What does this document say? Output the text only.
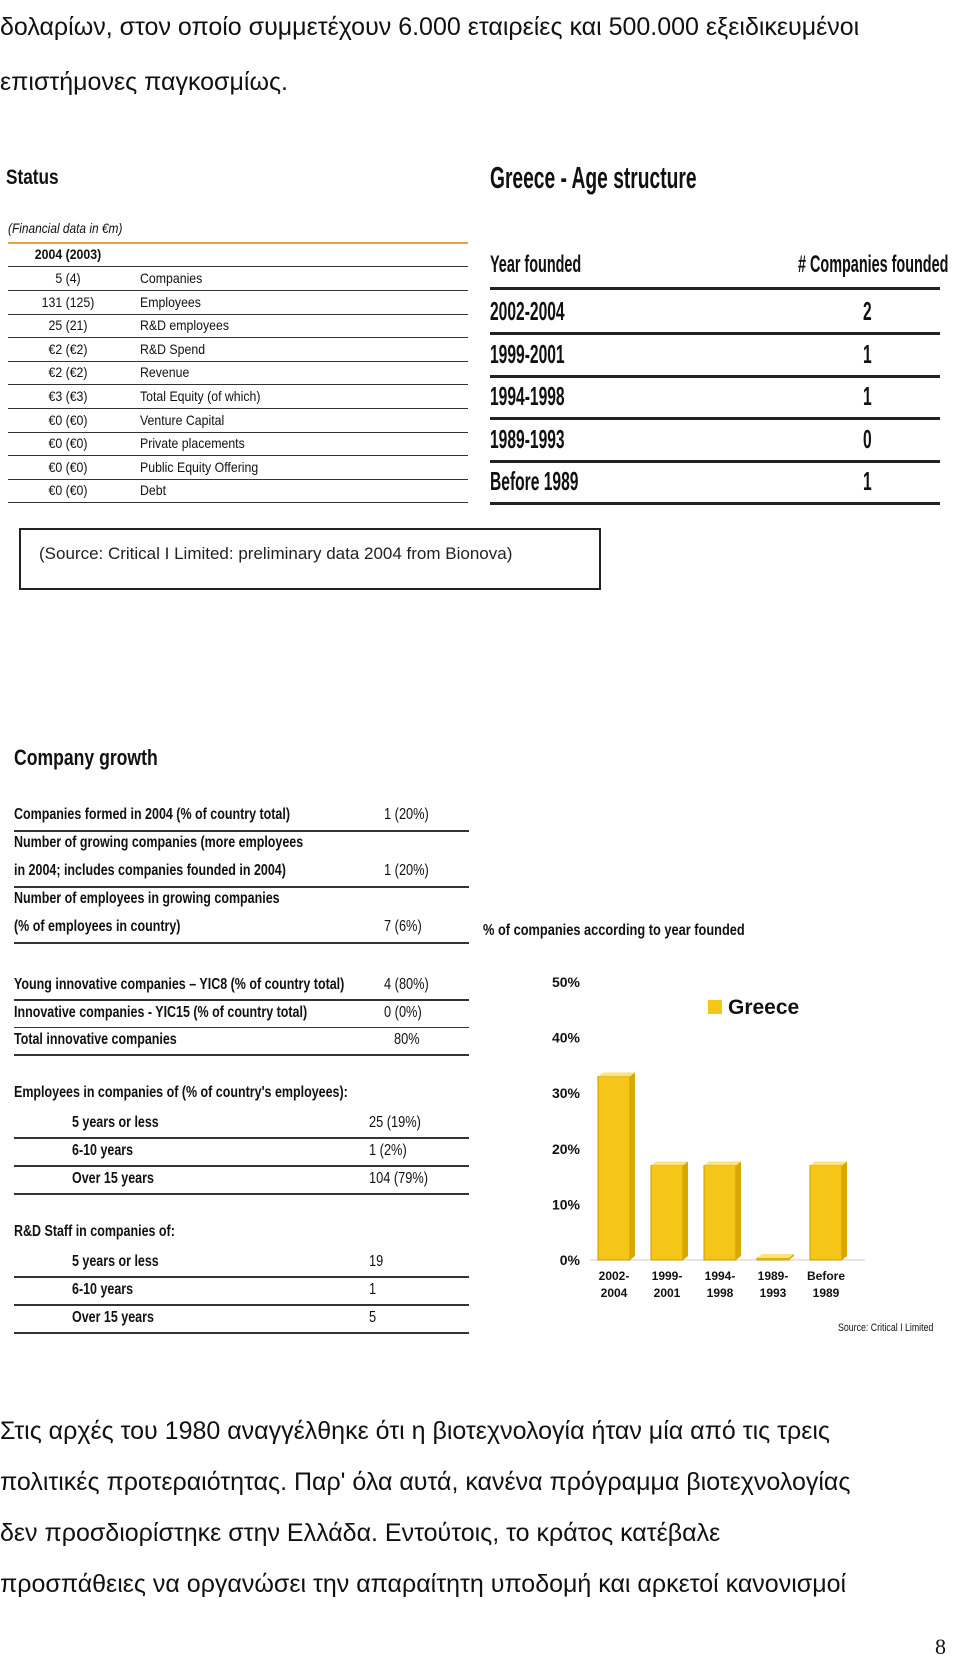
δολαρίων, στον οποίο συμμετέχουν 6.000 εταιρείες και 500.000 εξειδικευμένοι

επιστήμονες παγκοσμίως.

Status
(Financial data in €m)
2004 (2003)
5 (4)	Companies
131 (125)	Employees
25 (21)	R&D employees
€2 (€2)	R&D Spend
€2 (€2)	Revenue
€3 (€3)	Total Equity (of which)
€0 (€0)	Venture Capital
€0 (€0)	Private placements
€0 (€0)	Public Equity Offering
€0 (€0)	Debt
Greece - Age structure
Year founded	# Companies founded
2002-2004	2
1999-2001	1
1994-1998	1
1989-1993	0
Before 1989	1
(Source: Critical I Limited: preliminary data 2004 from Bionova)
Company growth
Companies formed in 2004 (% of country total)	1 (20%)
Number of growing companies (more employees
in 2004; includes companies founded in 2004)	1 (20%)
Number of employees in growing companies
(% of employees in country)	7 (6%)
Young innovative companies – YIC8 (% of country total) 4 (80%)
Innovative companies - YIC15 (% of country total)	0 (0%)
Total innovative companies	80%
Employees in companies of (% of country's employees):
5 years or less	25 (19%)
6-10 years	1 (2%)
Over 15 years	104 (79%)
R&D Staff in companies of:
5 years or less	19
6-10 years	1
Over 15 years	5
% of companies according to year founded
0%
10%
20%
30%
40%
50%
2002-
2004
1999-
2001
1994-
1998
1989-
1993
Before
1989
Greece
Source: Critical I Limited

Στις αρχές του 1980 αναγγέλθηκε ότι η βιοτεχνολογία ήταν μία από τις τρεις

πολιτικές προτεραιότητας. Παρ' όλα αυτά, κανένα πρόγραμμα βιοτεχνολογίας

δεν προσδιορίστηκε στην Ελλάδα. Εντούτοις, το κράτος κατέβαλε

προσπάθειες να οργανώσει την απαραίτητη υποδομή και αρκετοί κανονισμοί

8
